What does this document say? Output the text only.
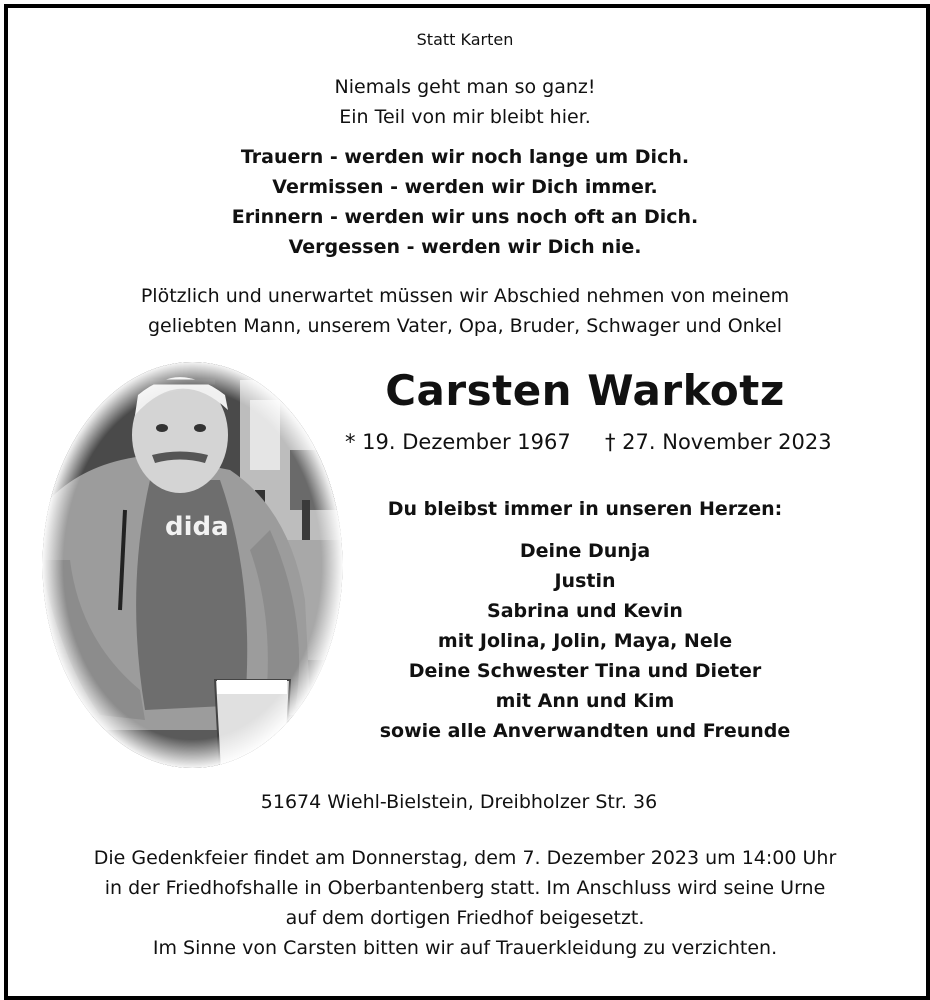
Statt Karten
Niemals geht man so ganz!
Ein Teil von mir bleibt hier.
Trauern - werden wir noch lange um Dich.
Vermissen - werden wir Dich immer.
Erinnern - werden wir uns noch oft an Dich.
Vergessen - werden wir Dich nie.
Plötzlich und unerwartet müssen wir Abschied nehmen von meinem
geliebten Mann, unserem Vater, Opa, Bruder, Schwager und Onkel
Carsten Warkotz
* 19. Dezember 1967 † 27. November 2023
Du bleibst immer in unseren Herzen:
Deine Dunja
Justin
Sabrina und Kevin
mit Jolina, Jolin, Maya, Nele
Deine Schwester Tina und Dieter
mit Ann und Kim
sowie alle Anverwandten und Freunde
51674 Wiehl-Bielstein, Dreibholzer Str. 36
Die Gedenkfeier findet am Donnerstag, dem 7. Dezember 2023 um 14:00 Uhr
in der Friedhofshalle in Oberbantenberg statt. Im Anschluss wird seine Urne
auf dem dortigen Friedhof beigesetzt.
Im Sinne von Carsten bitten wir auf Trauerkleidung zu verzichten.
